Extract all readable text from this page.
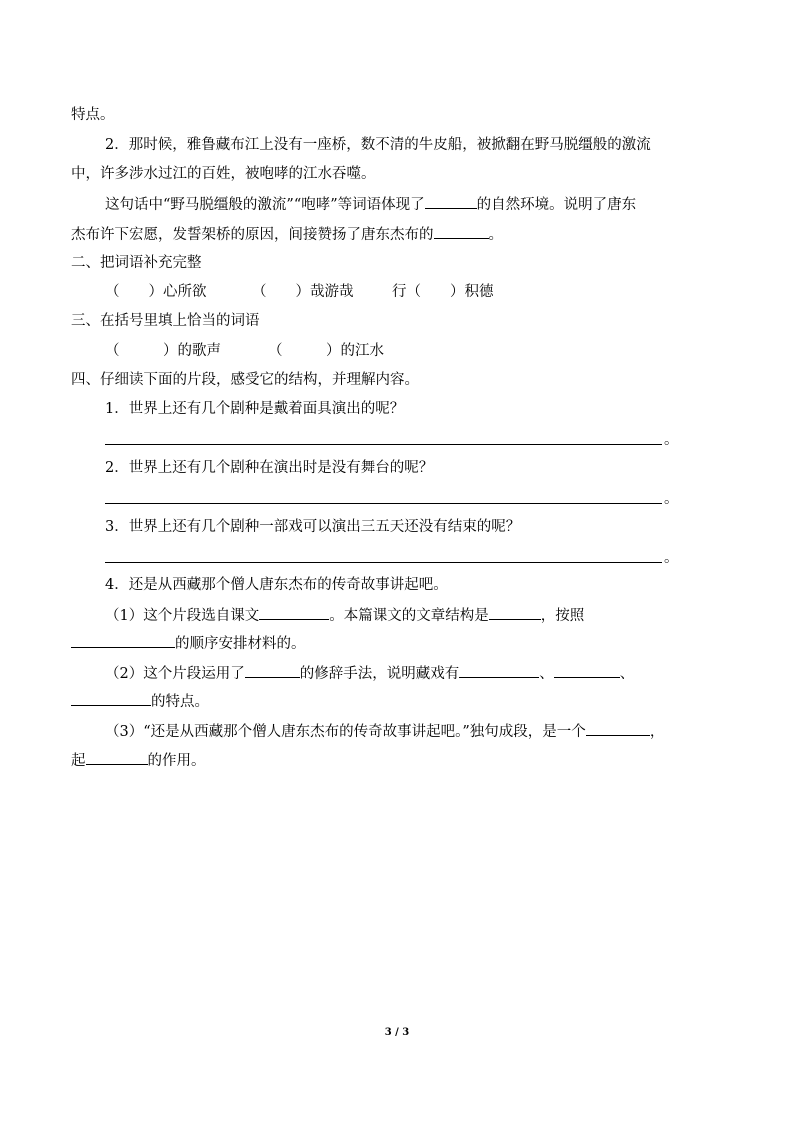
特点。
2．那时候，雅鲁藏布江上没有一座桥，数不清的牛皮船，被掀翻在野马脱缰般的激流
中，许多涉水过江的百姓，被咆哮的江水吞噬。
这句话中“野马脱缰般的激流”“咆哮”等词语体现了	的自然环境。说明了唐东
杰布许下宏愿，发誓架桥的原因，间接赞扬了唐东杰布的	。
二、把词语补充完整
（　　）心所欲	（　　）哉游哉	行（　　）积德
三、在括号里填上恰当的词语
（　　　）的歌声	（　　　）的江水
四、仔细读下面的片段，感受它的结构，并理解内容。
1．世界上还有几个剧种是戴着面具演出的呢？
。
2．世界上还有几个剧种在演出时是没有舞台的呢？
。
3．世界上还有几个剧种一部戏可以演出三五天还没有结束的呢？
。
4．还是从西藏那个僧人唐东杰布的传奇故事讲起吧。
（1）这个片段选自课文	。本篇课文的文章结构是	，按照
的顺序安排材料的。
（2）这个片段运用了	的修辞手法，说明藏戏有	、	、
的特点。
（3）“还是从西藏那个僧人唐东杰布的传奇故事讲起吧。”独句成段，是一个	，
起	的作用。
3 / 3
